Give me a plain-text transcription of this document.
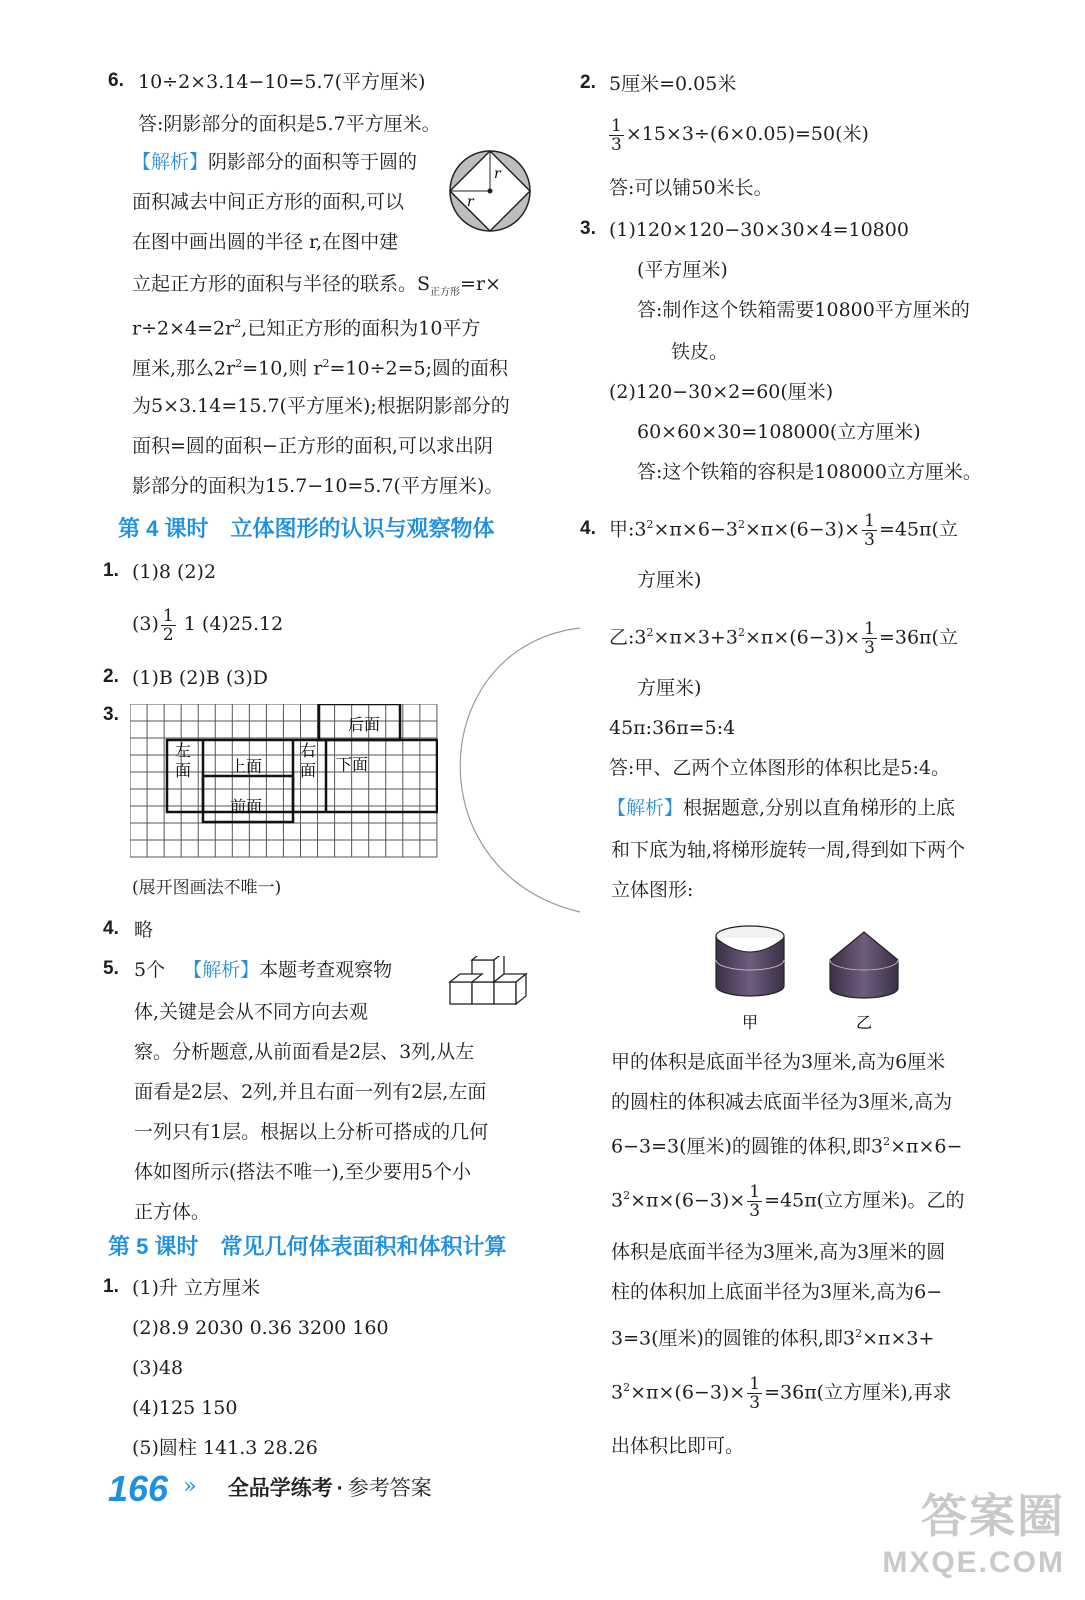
6. 10÷2×3.14−10=5.7(平方厘米)
答:阴影部分的面积是5.7平方厘米。
【解析】阴影部分的面积等于圆的
面积减去中间正方形的面积,可以
在图中画出圆的半径 r,在图中建
立起正方形的面积与半径的联系。$S_{正方形}=r\times$
$r\div 2\times 4=2r^2$,已知正方形的面积为10平方
厘米,那么$2r^2=10$,则 $r^2=10\div 2=5$;圆的面积
为5×3.14=15.7(平方厘米);根据阴影部分的
面积=圆的面积−正方形的面积,可以求出阴
影部分的面积为15.7−10=5.7(平方厘米)。
r
r
第 4 课时 立体图形的认识与观察物体
1. (1)8 (2)2
$(3) \frac{1}{2} 1$ (4)25.12
2. (1)B (2)B (3)D
3.	后面
左
面 上面
右
面 下面
前面
(展开图画法不唯一)
4. 略
5. 5个 【解析】本题考查观察物
体,关键是会从不同方向去观
察。分析题意,从前面看是2层、3列,从左
面看是2层、2列,并且右面一列有2层,左面
一列只有1层。根据以上分析可搭成的几何
体如图所示(搭法不唯一),至少要用5个小
正方体。
第 5 课时 常见几何体表面积和体积计算
1. (1)升 立方厘米
(2)8.9 2030 0.36 3200 160
(3)48
(4)125 150
(5)圆柱 141.3 28.26
2. 5厘米=0.05米
$\frac{1}{3} \times 15\times 3\div(6\times 0.05)=50$(米)
答:可以铺50米长。
3. (1)120×120−30×30×4=10800
(平方厘米)
答:制作这个铁箱需要10800平方厘米的
铁皮。
(2)120−30×2=60(厘米)
60×60×30=108000(立方厘米)
答:这个铁箱的容积是108000立方厘米。
4. 甲$:3^2\times\pi\times 6-3^2\times\pi\times(6-3)\times \frac{1}{3} =45\pi$(立
方厘米)
乙$:3^2\times\pi\times 3+3^2\times\pi\times(6-3)\times \frac{1}{3} =36\pi$(立
方厘米)
45π:36π=5:4
答:甲、乙两个立体图形的体积比是5:4。
【解析】根据题意,分别以直角梯形的上底
和下底为轴,将梯形旋转一周,得到如下两个
立体图形:
甲	乙
甲的体积是底面半径为3厘米,高为6厘米
的圆柱的体积减去底面半径为3厘米,高为
6−3=3(厘米)的圆锥的体积,即$3^2\times\pi\times 6-$
$3^2\times\pi\times(6-3)\times \frac{1}{3} =45\pi$(立方厘米)。乙的
体积是底面半径为3厘米,高为3厘米的圆
柱的体积加上底面半径为3厘米,高为6−
3=3(厘米)的圆锥的体积,即$3^2\times\pi\times 3+$
$3^2\times\pi\times(6-3)\times \frac{1}{3} =36\pi$(立方厘米),再求
出体积比即可。
166 » 全品学练考 · 参考答案
答案圈
MXQE.COM
